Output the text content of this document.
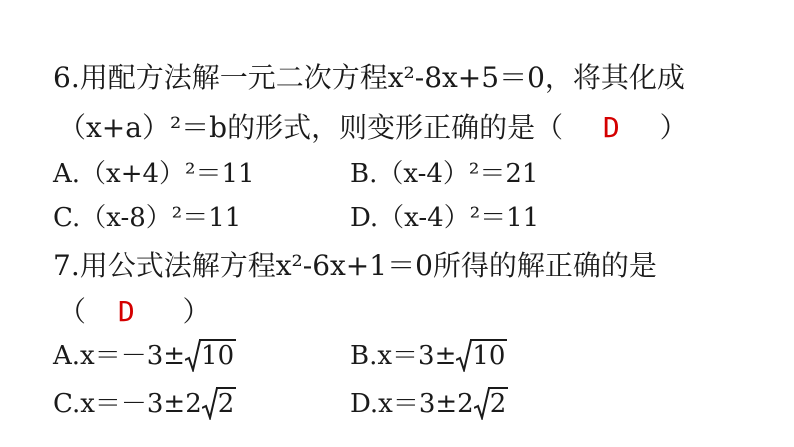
6.用配方法解一元二次方程x²-8x+5＝0，将其化成
（x+a）²＝b的形式，则变形正确的是（ D ）
A.（x+4）²＝11	B.（x-4）²＝21
C.（x-8）²＝11	D.（x-4）²＝11
7.用公式法解方程x²-6x+1＝0所得的解正确的是
（ D ）
A.x＝－3± 10	B.x＝3± 10
C.x＝－3±2 2	D.x＝3±2 2
